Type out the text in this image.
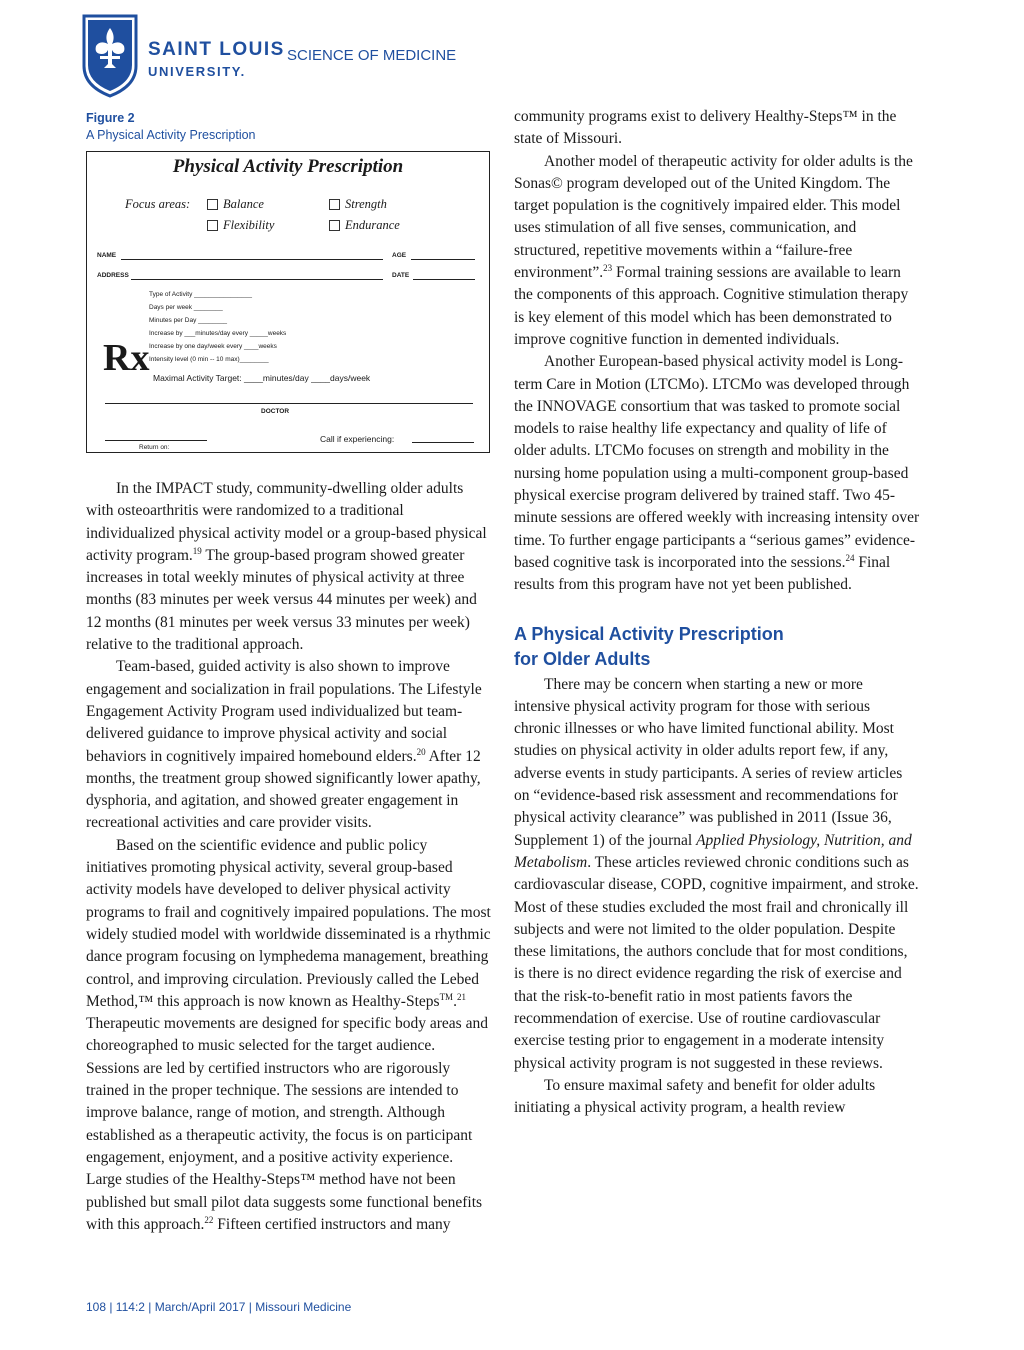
SAINT LOUIS
UNIVERSITY.
SCIENCE OF MEDICINE
Figure 2
A Physical Activity Prescription
Physical Activity Prescription
Focus areas:	Balance	Strength
Flexibility	Endurance
NAME	AGE
ADDRESS	DATE
Type of Activity ________________
Days per week ________
Minutes per Day ________
Increase by ___minutes/day every _____weeks
Increase by one day/week every ____weeks
Intensity level (0 min -- 10 max)________
Rx Maximal Activity Target: ____minutes/day ____days/week
DOCTOR
Return on:
Call if experiencing:

In the IMPACT study, community-dwelling older adults with osteoarthritis were randomized to a traditional individualized physical activity model or a group-based physical activity program.$^{19}$ The group-based program showed greater increases in total weekly minutes of physical activity at three months (83 minutes per week versus 44 minutes per week) and 12 months (81 minutes per week versus 33 minutes per week) relative to the traditional approach.

Team-based, guided activity is also shown to improve engagement and socialization in frail populations. The Lifestyle Engagement Activity Program used individualized but team-delivered guidance to improve physical activity and social behaviors in cognitively impaired homebound elders.$^{20}$ After 12 months, the treatment group showed significantly lower apathy, dysphoria, and agitation, and showed greater engagement in recreational activities and care provider visits.

Based on the scientific evidence and public policy initiatives promoting physical activity, several group-based activity models have developed to deliver physical activity programs to frail and cognitively impaired populations. The most widely studied model with worldwide disseminated is a rhythmic dance program focusing on lymphedema management, breathing control, and improving circulation. Previously called the Lebed Method,™ this approach is now known as Healthy-Steps™.$^{21}$ Therapeutic movements are designed for specific body areas and choreographed to music selected for the target audience. Sessions are led by certified instructors who are rigorously trained in the proper technique. The sessions are intended to improve balance, range of motion, and strength. Although established as a therapeutic activity, the focus is on participant engagement, enjoyment, and a positive activity experience. Large studies of the Healthy-Steps™ method have not been published but small pilot data suggests some functional benefits with this approach.$^{22}$ Fifteen certified instructors and many

community programs exist to delivery Healthy-Steps™ in the state of Missouri.

Another model of therapeutic activity for older adults is the Sonas© program developed out of the United Kingdom. The target population is the cognitively impaired elder. This model uses stimulation of all five senses, communication, and structured, repetitive movements within a “failure-free environment”.$^{23}$ Formal training sessions are available to learn the components of this approach. Cognitive stimulation therapy is key element of this model which has been demonstrated to improve cognitive function in demented individuals.

Another European-based physical activity model is Long-term Care in Motion (LTCMo). LTCMo was developed through the INNOVAGE consortium that was tasked to promote social models to raise healthy life expectancy and quality of life of older adults. LTCMo focuses on strength and mobility in the nursing home population using a multi-component group-based physical exercise program delivered by trained staff. Two 45-minute sessions are offered weekly with increasing intensity over time. To further engage participants a “serious games” evidence-based cognitive task is incorporated into the sessions.$^{24}$ Final results from this program have not yet been published.

A Physical Activity Prescription
for Older Adults

There may be concern when starting a new or more intensive physical activity program for those with serious chronic illnesses or who have limited functional ability. Most studies on physical activity in older adults report few, if any, adverse events in study participants. A series of review articles on “evidence-based risk assessment and recommendations for physical activity clearance” was published in 2011 (Issue 36, Supplement 1) of the journal Applied Physiology, Nutrition, and Metabolism. These articles reviewed chronic conditions such as cardiovascular disease, COPD, cognitive impairment, and stroke. Most of these studies excluded the most frail and chronically ill subjects and were not limited to the older population. Despite these limitations, the authors conclude that for most conditions, is there is no direct evidence regarding the risk of exercise and that the risk-to-benefit ratio in most patients favors the recommendation of exercise. Use of routine cardiovascular exercise testing prior to engagement in a moderate intensity physical activity program is not suggested in these reviews.

To ensure maximal safety and benefit for older adults initiating a physical activity program, a health review

108 | 114:2 | March/April 2017 | Missouri Medicine
